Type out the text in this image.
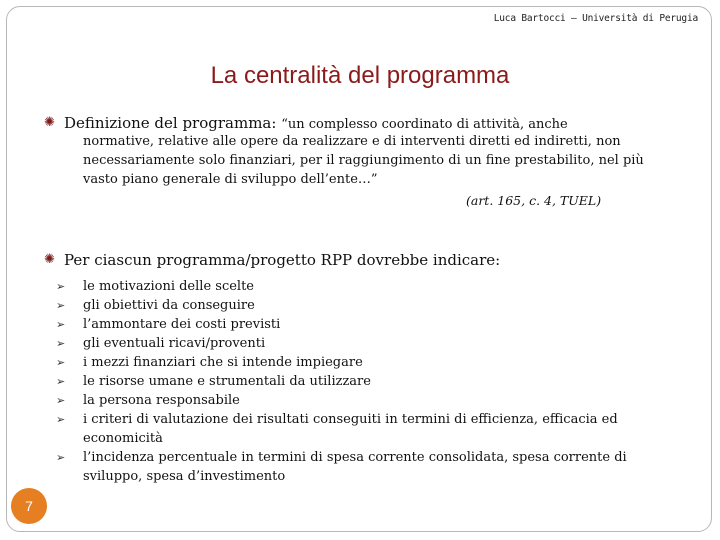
Luca Bartocci – Università di Perugia
La centralità del programma
✺ Definizione del programma: “un complesso coordinato di attività, anche
normative, relative alle opere da realizzare e di interventi diretti ed indiretti, non necessariamente solo finanziari, per il raggiungimento di un fine prestabilito, nel più vasto piano generale di sviluppo dell’ente…”
(art. 165, c. 4, TUEL)
✺ Per ciascun programma/progetto RPP dovrebbe indicare:
➢ le motivazioni delle scelte
➢ gli obiettivi da conseguire
➢ l’ammontare dei costi previsti
➢ gli eventuali ricavi/proventi
➢ i mezzi finanziari che si intende impiegare
➢ le risorse umane e strumentali da utilizzare
➢ la persona responsabile
➢ i criteri di valutazione dei risultati conseguiti in termini di efficienza, efficacia ed economicità
➢ l’incidenza percentuale in termini di spesa corrente consolidata, spesa corrente di sviluppo, spesa d’investimento
7
